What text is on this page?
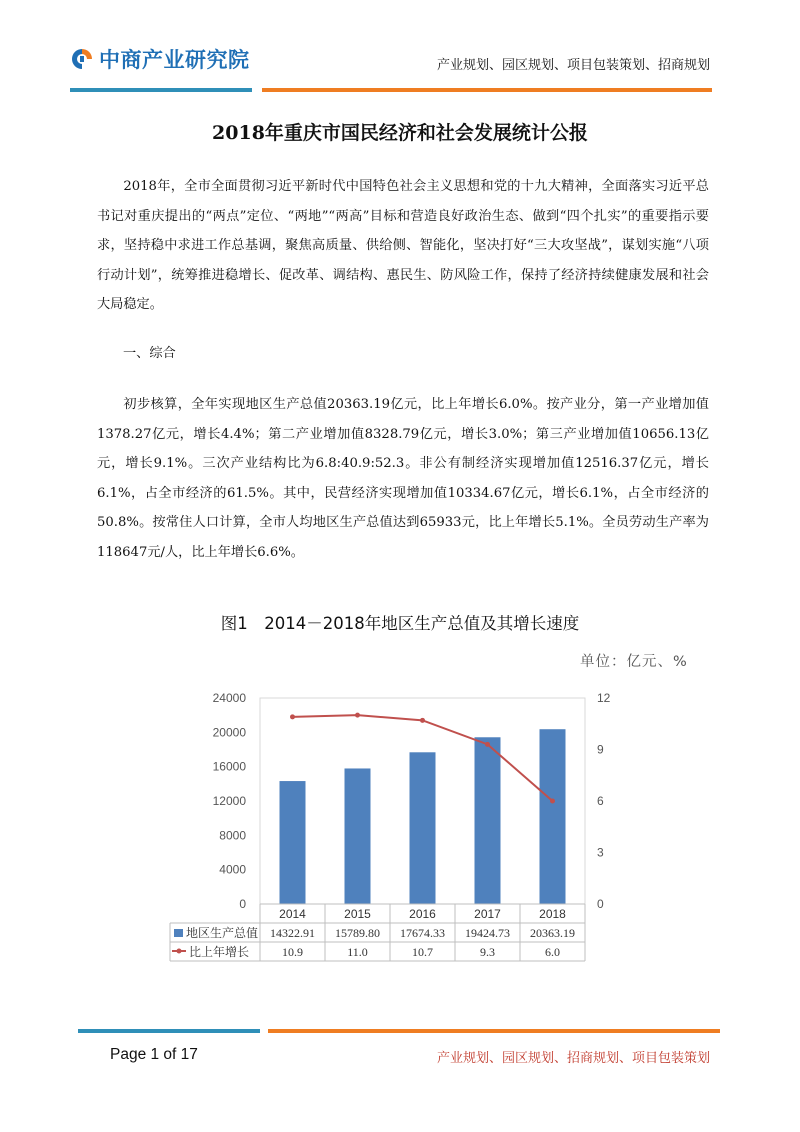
中商产业研究院	产业规划、园区规划、项目包装策划、招商规划
2018年重庆市国民经济和社会发展统计公报

2018年，全市全面贯彻习近平新时代中国特色社会主义思想和党的十九大精神，全面落实习近平总书记对重庆提出的“两点”定位、“两地”“两高”目标和营造良好政治生态、做到“四个扎实”的重要指示要求，坚持稳中求进工作总基调，聚焦高质量、供给侧、智能化，坚决打好“三大攻坚战”，谋划实施“八项行动计划”，统筹推进稳增长、促改革、调结构、惠民生、防风险工作，保持了经济持续健康发展和社会大局稳定。

一、综合

初步核算，全年实现地区生产总值20363.19亿元，比上年增长6.0%。按产业分，第一产业增加值1378.27亿元，增长4.4%；第二产业增加值8328.79亿元，增长3.0%；第三产业增加值10656.13亿元，增长9.1%。三次产业结构比为6.8:40.9:52.3。非公有制经济实现增加值12516.37亿元，增长6.1%，占全市经济的61.5%。其中，民营经济实现增加值10334.67亿元，增长6.1%，占全市经济的50.8%。按常住人口计算，全市人均地区生产总值达到65933元，比上年增长5.1%。全员劳动生产率为118647元/人，比上年增长6.6%。

图1　2014－2018年地区生产总值及其增长速度
单位：亿元、%
0
4000
8000
12000
16000
20000
24000
0
3
6
9
12
2014	2015	2016	2017	2018
地区生产总值 14322.91 15789.80 17674.33 19424.73 20363.19
比上年增长	10.9	11.0	10.7	9.3	6.0
Page 1 of 17	产业规划、园区规划、招商规划、项目包装策划
